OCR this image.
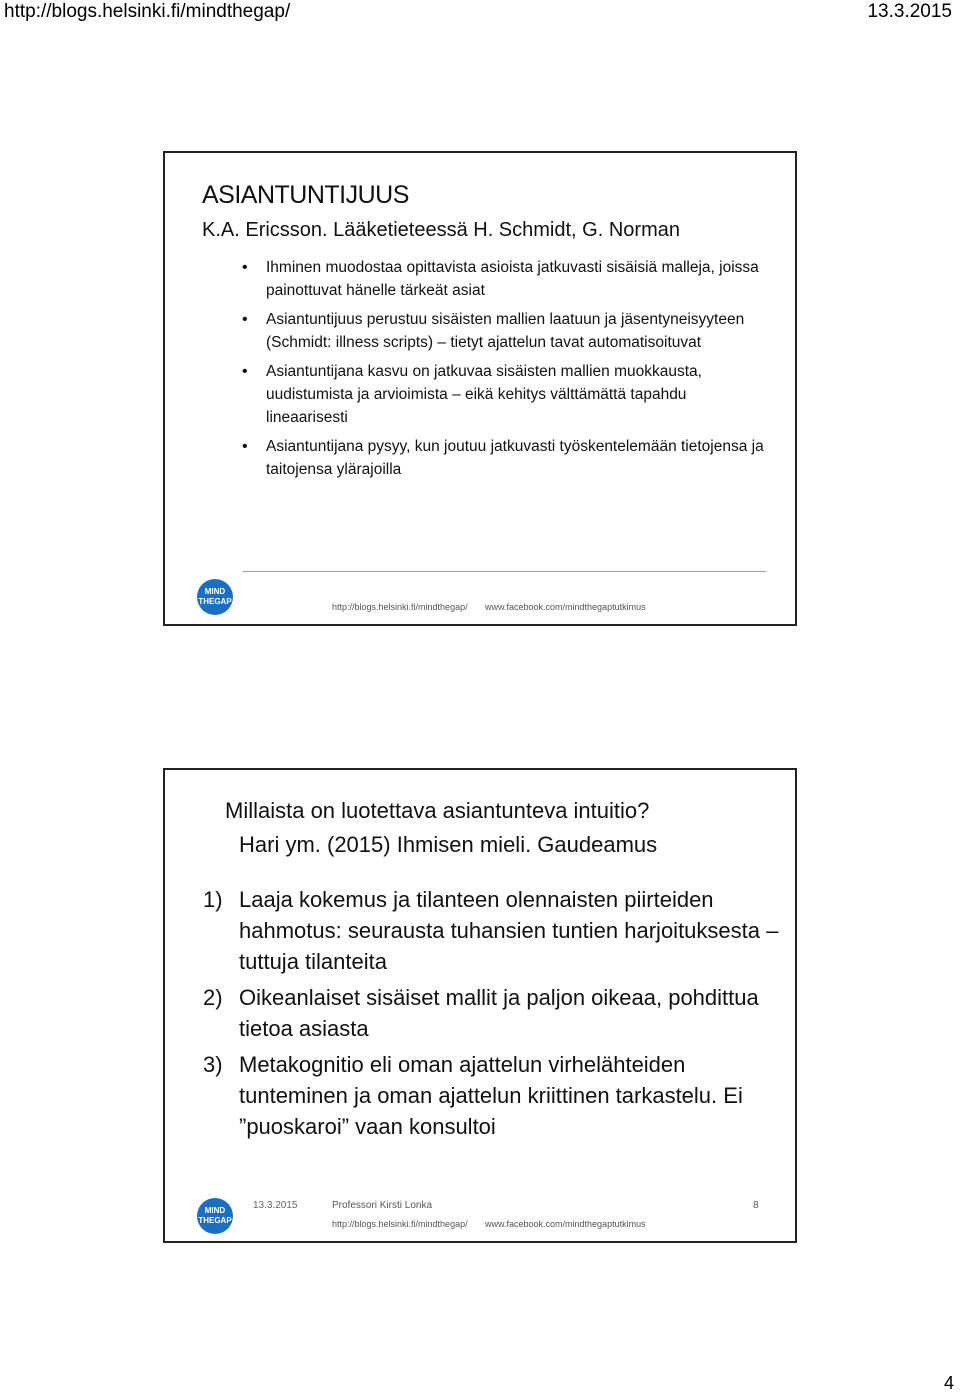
http://blogs.helsinki.fi/mindthegap/	13.3.2015
ASIANTUNTIJUUS
K.A. Ericsson. Lääketieteessä H. Schmidt, G. Norman
• Ihminen muodostaa opittavista asioista jatkuvasti sisäisiä malleja, joissa painottuvat hänelle tärkeät asiat
• Asiantuntijuus perustuu sisäisten mallien laatuun ja jäsentyneisyyteen (Schmidt: illness scripts) – tietyt ajattelun tavat automatisoituvat
• Asiantuntijana kasvu on jatkuvaa sisäisten mallien muokkausta, uudistumista ja arvioimista – eikä kehitys välttämättä tapahdu lineaarisesti
• Asiantuntijana pysyy, kun joutuu jatkuvasti työskentelemään tietojensa ja taitojensa ylärajoilla
MIND
THEGAP
http://blogs.helsinki.fi/mindthegap/ www.facebook.com/mindthegaptutkimus
Millaista on luotettava asiantunteva intuitio?
Hari ym. (2015) Ihmisen mieli. Gaudeamus
1) Laaja kokemus ja tilanteen olennaisten piirteiden hahmotus: seurausta tuhansien tuntien harjoituksesta – tuttuja tilanteita
2) Oikeanlaiset sisäiset mallit ja paljon oikeaa, pohdittua tietoa asiasta
3) Metakognitio eli oman ajattelun virhelähteiden tunteminen ja oman ajattelun kriittinen tarkastelu. Ei ”puoskaroi” vaan konsultoi
MIND
THEGAP
13.3.2015	Professori Kirsti Lonka	8
http://blogs.helsinki.fi/mindthegap/ www.facebook.com/mindthegaptutkimus
4
